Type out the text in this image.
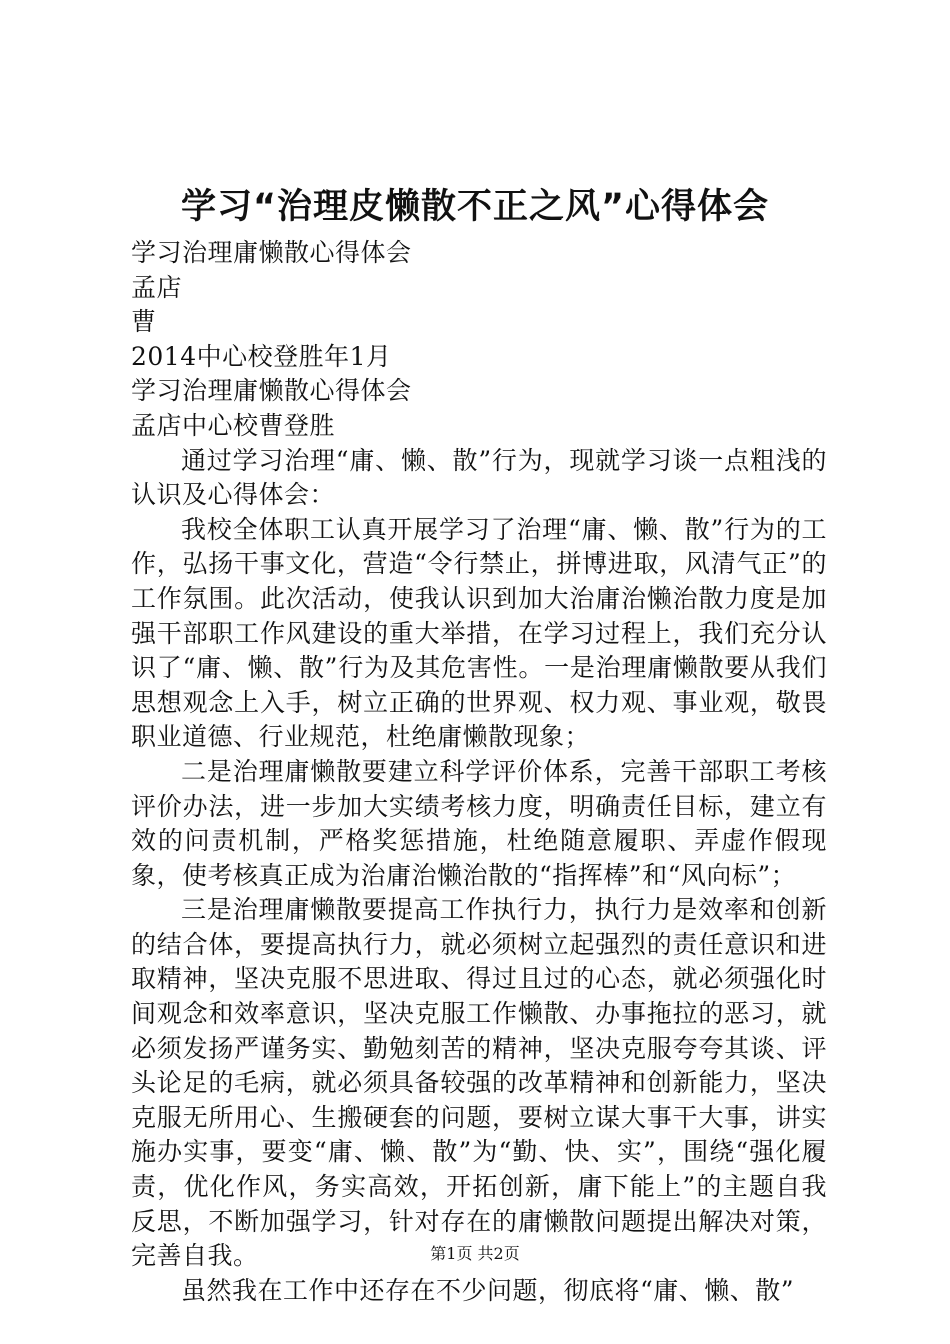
学习“治理皮懒散不正之风”心得体会

学习治理庸懒散心得体会

孟店

曹

2014中心校登胜年1月

学习治理庸懒散心得体会

孟店中心校曹登胜

通过学习治理“庸、懒、散”行为，现就学习谈一点粗浅的认识及心得体会：

我校全体职工认真开展学习了治理“庸、懒、散”行为的工作，弘扬干事文化，营造“令行禁止，拼博进取，风清气正”的工作氛围。此次活动，使我认识到加大治庸治懒治散力度是加强干部职工作风建设的重大举措，在学习过程上，我们充分认识了“庸、懒、散”行为及其危害性。一是治理庸懒散要从我们思想观念上入手，树立正确的世界观、权力观、事业观，敬畏职业道德、行业规范，杜绝庸懒散现象；

二是治理庸懒散要建立科学评价体系，完善干部职工考核评价办法，进一步加大实绩考核力度，明确责任目标，建立有效的问责机制，严格奖惩措施，杜绝随意履职、弄虚作假现象，使考核真正成为治庸治懒治散的“指挥棒”和“风向标”；

三是治理庸懒散要提高工作执行力，执行力是效率和创新的结合体，要提高执行力，就必须树立起强烈的责任意识和进取精神，坚决克服不思进取、得过且过的心态，就必须强化时间观念和效率意识，坚决克服工作懒散、办事拖拉的恶习，就必须发扬严谨务实、勤勉刻苦的精神，坚决克服夸夸其谈、评头论足的毛病，就必须具备较强的改革精神和创新能力，坚决克服无所用心、生搬硬套的问题，要树立谋大事干大事，讲实施办实事，要变“庸、懒、散”为“勤、快、实”，围绕“强化履责，优化作风，务实高效，开拓创新，庸下能上”的主题自我反思，不断加强学习，针对存在的庸懒散问题提出解决对策，完善自我。

虽然我在工作中还存在不少问题，彻底将“庸、懒、散”

第1页 共2页
